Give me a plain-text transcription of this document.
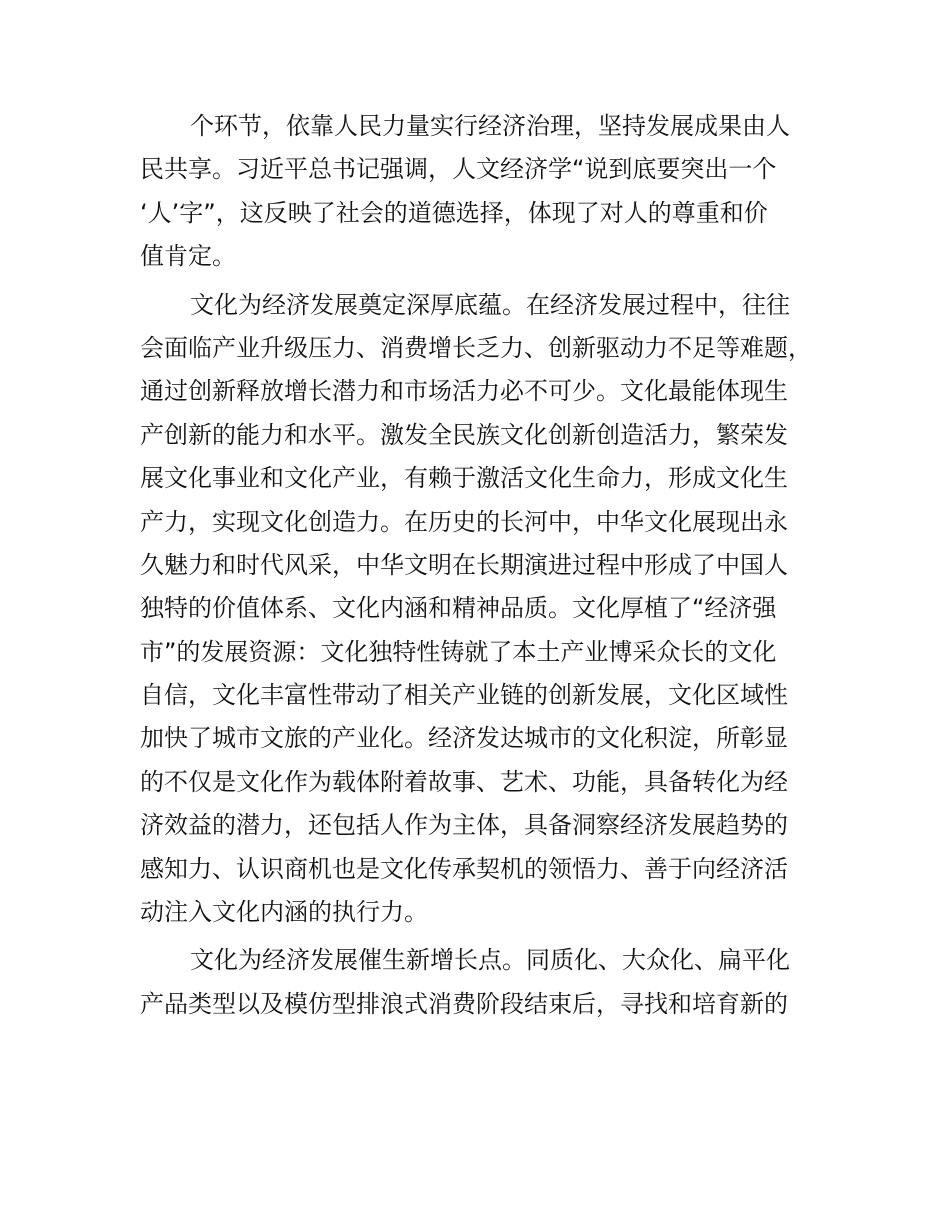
个环节，依靠人民力量实行经济治理，坚持发展成果由人
民共享。习近平总书记强调，人文经济学“说到底要突出一个
‘人’字”，这反映了社会的道德选择，体现了对人的尊重和价
值肯定。
文化为经济发展奠定深厚底蕴。在经济发展过程中，往往
会面临产业升级压力、消费增长乏力、创新驱动力不足等难题，
通过创新释放增长潜力和市场活力必不可少。文化最能体现生
产创新的能力和水平。激发全民族文化创新创造活力，繁荣发
展文化事业和文化产业，有赖于激活文化生命力，形成文化生
产力，实现文化创造力。在历史的长河中，中华文化展现出永
久魅力和时代风采，中华文明在长期演进过程中形成了中国人
独特的价值体系、文化内涵和精神品质。文化厚植了“经济强
市”的发展资源：文化独特性铸就了本土产业博采众长的文化
自信，文化丰富性带动了相关产业链的创新发展，文化区域性
加快了城市文旅的产业化。经济发达城市的文化积淀，所彰显
的不仅是文化作为载体附着故事、艺术、功能，具备转化为经
济效益的潜力，还包括人作为主体，具备洞察经济发展趋势的
感知力、认识商机也是文化传承契机的领悟力、善于向经济活
动注入文化内涵的执行力。
文化为经济发展催生新增长点。同质化、大众化、扁平化
产品类型以及模仿型排浪式消费阶段结束后，寻找和培育新的
